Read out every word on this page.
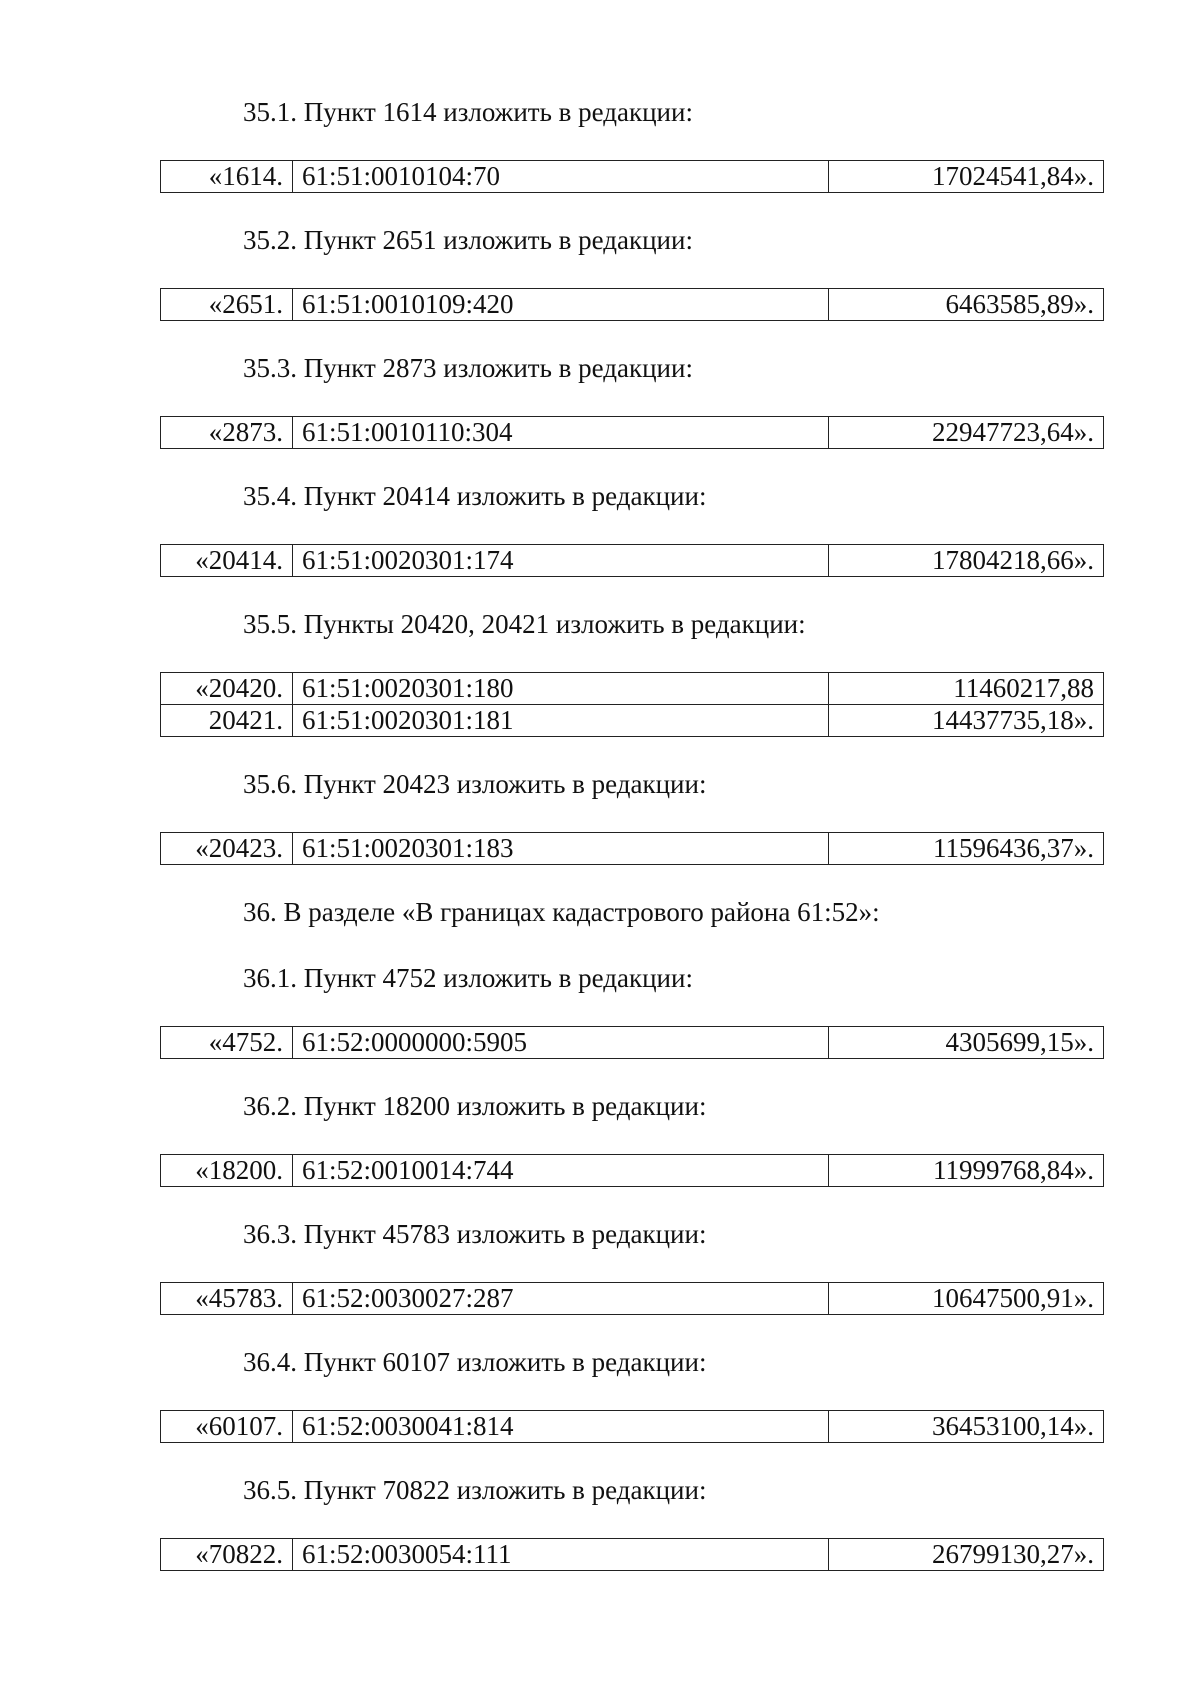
35.1. Пункт 1614 изложить в редакции:
«1614.	61:51:0010104:70	17024541,84».
35.2. Пункт 2651 изложить в редакции:
«2651.	61:51:0010109:420	6463585,89».
35.3. Пункт 2873 изложить в редакции:
«2873.	61:51:0010110:304	22947723,64».
35.4. Пункт 20414 изложить в редакции:
«20414.	61:51:0020301:174	17804218,66».
35.5. Пункты 20420, 20421 изложить в редакции:
«20420.	61:51:0020301:180	11460217,88
20421.	61:51:0020301:181	14437735,18».
35.6. Пункт 20423 изложить в редакции:
«20423.	61:51:0020301:183	11596436,37».
36. В разделе «В границах кадастрового района 61:52»:
36.1. Пункт 4752 изложить в редакции:
«4752.	61:52:0000000:5905	4305699,15».
36.2. Пункт 18200 изложить в редакции:
«18200.	61:52:0010014:744	11999768,84».
36.3. Пункт 45783 изложить в редакции:
«45783.	61:52:0030027:287	10647500,91».
36.4. Пункт 60107 изложить в редакции:
«60107.	61:52:0030041:814	36453100,14».
36.5. Пункт 70822 изложить в редакции:
«70822.	61:52:0030054:111	26799130,27».
